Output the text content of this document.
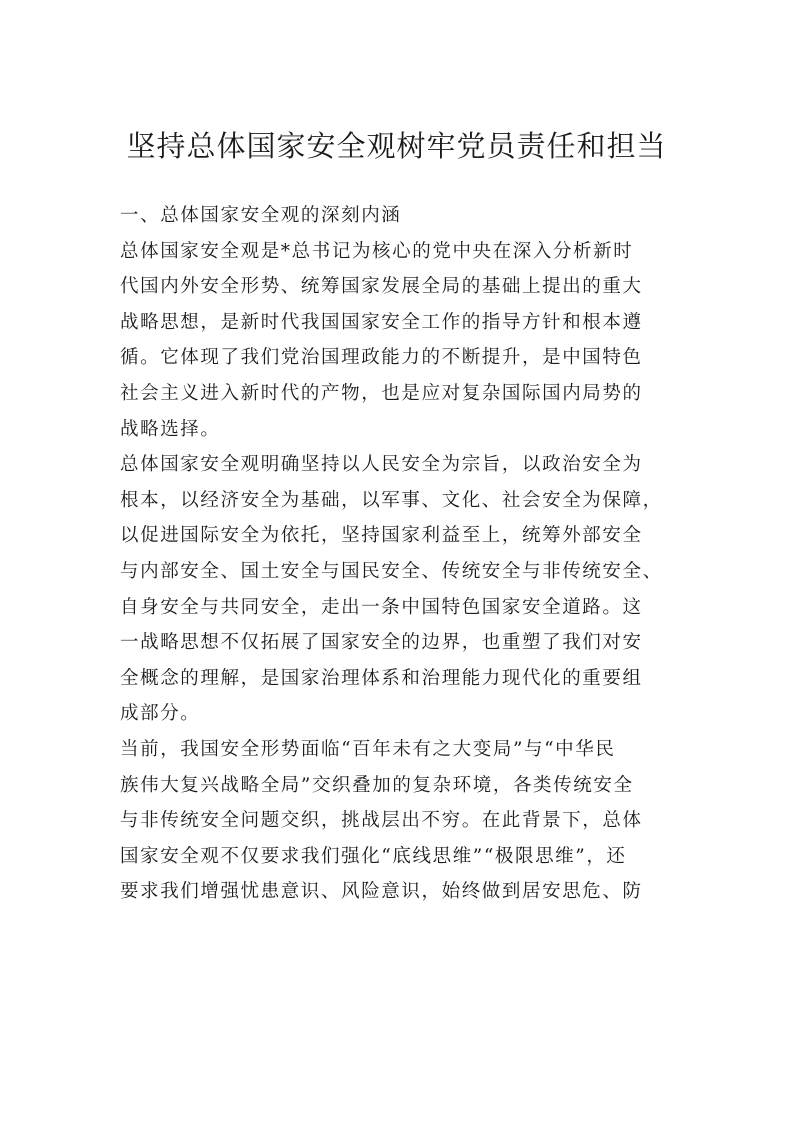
坚持总体国家安全观树牢党员责任和担当

一、总体国家安全观的深刻内涵

总体国家安全观是*总书记为核心的党中央在深入分析新时
代国内外安全形势、统筹国家发展全局的基础上提出的重大
战略思想，是新时代我国国家安全工作的指导方针和根本遵
循。它体现了我们党治国理政能力的不断提升，是中国特色
社会主义进入新时代的产物，也是应对复杂国际国内局势的
战略选择。

总体国家安全观明确坚持以人民安全为宗旨，以政治安全为
根本，以经济安全为基础，以军事、文化、社会安全为保障，
以促进国际安全为依托，坚持国家利益至上，统筹外部安全
与内部安全、国土安全与国民安全、传统安全与非传统安全、
自身安全与共同安全，走出一条中国特色国家安全道路。这
一战略思想不仅拓展了国家安全的边界，也重塑了我们对安
全概念的理解，是国家治理体系和治理能力现代化的重要组
成部分。

当前，我国安全形势面临“百年未有之大变局”与“中华民
族伟大复兴战略全局”交织叠加的复杂环境，各类传统安全
与非传统安全问题交织，挑战层出不穷。在此背景下，总体
国家安全观不仅要求我们强化“底线思维”“极限思维”，还
要求我们增强忧患意识、风险意识，始终做到居安思危、防
